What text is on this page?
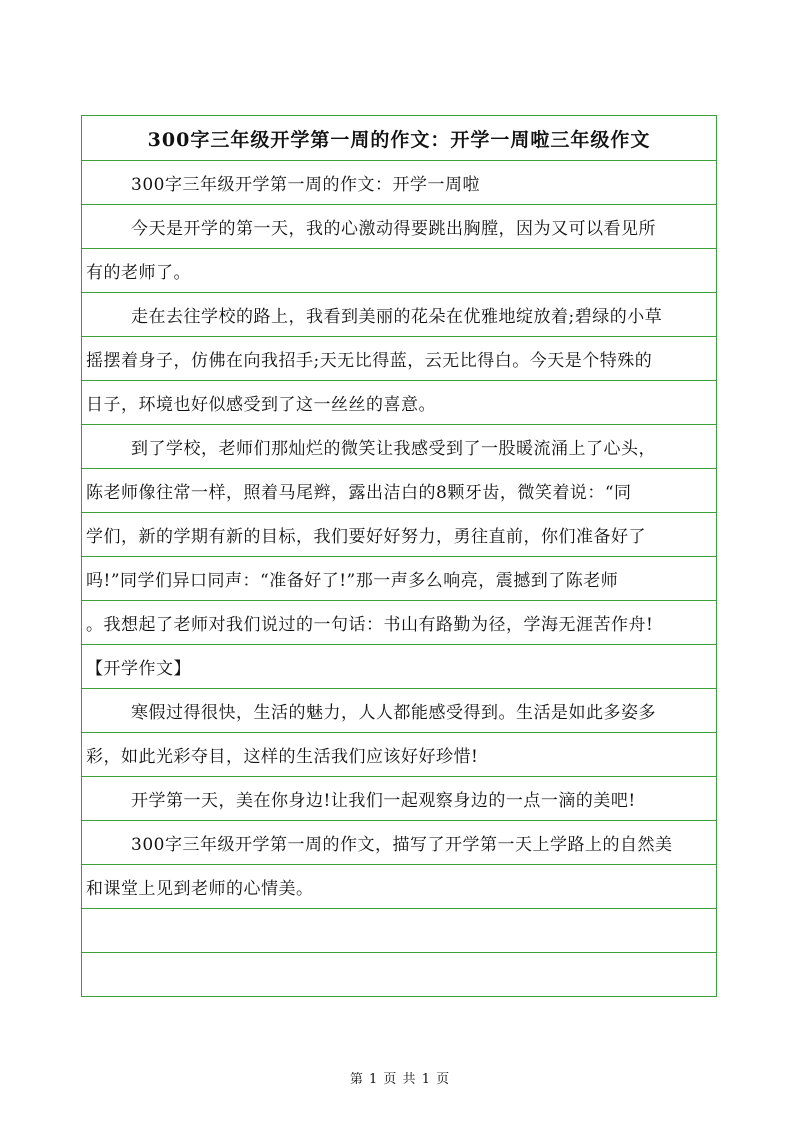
300字三年级开学第一周的作文：开学一周啦三年级作文
300字三年级开学第一周的作文：开学一周啦
今天是开学的第一天，我的心激动得要跳出胸膛，因为又可以看见所
有的老师了。
走在去往学校的路上，我看到美丽的花朵在优雅地绽放着;碧绿的小草
摇摆着身子，仿佛在向我招手;天无比得蓝，云无比得白。今天是个特殊的
日子，环境也好似感受到了这一丝丝的喜意。
到了学校，老师们那灿烂的微笑让我感受到了一股暖流涌上了心头，
陈老师像往常一样，照着马尾辫，露出洁白的8颗牙齿，微笑着说：“同
学们，新的学期有新的目标，我们要好好努力，勇往直前，你们准备好了
吗!”同学们异口同声：“准备好了!”那一声多么响亮，震撼到了陈老师
。我想起了老师对我们说过的一句话：书山有路勤为径，学海无涯苦作舟!
【开学作文】
寒假过得很快，生活的魅力，人人都能感受得到。生活是如此多姿多
彩，如此光彩夺目，这样的生活我们应该好好珍惜!
开学第一天，美在你身边!让我们一起观察身边的一点一滴的美吧!
300字三年级开学第一周的作文，描写了开学第一天上学路上的自然美
和课堂上见到老师的心情美。
第 1 页 共 1 页
